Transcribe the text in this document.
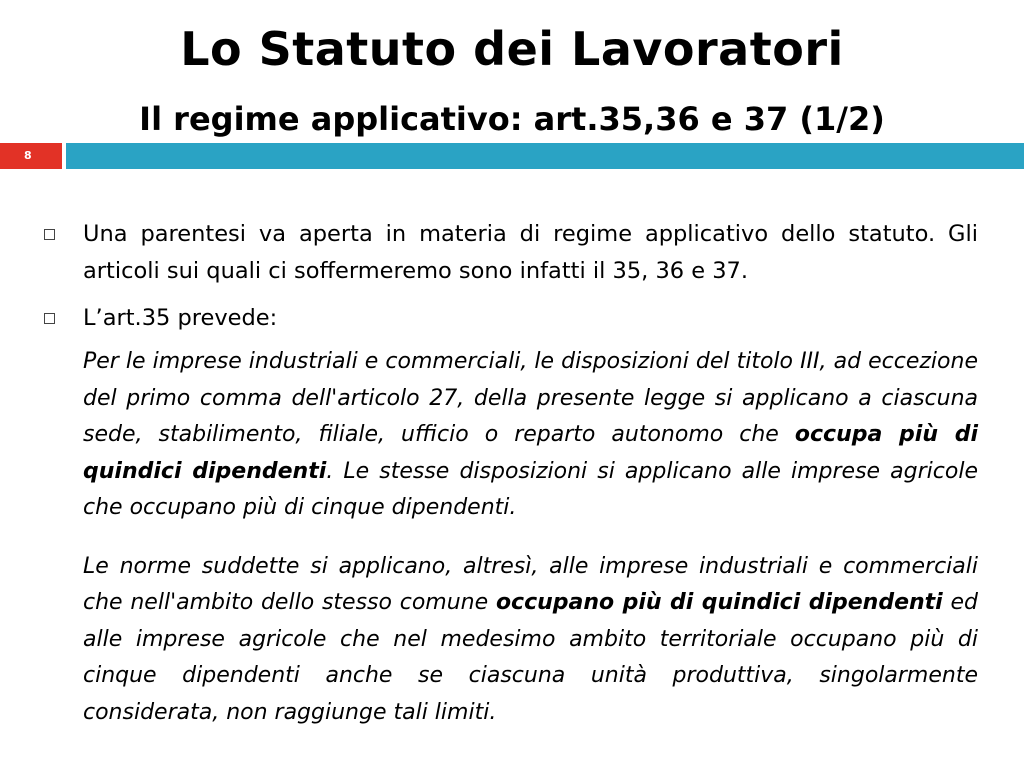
Lo Statuto dei Lavoratori
Il regime applicativo: art.35,36 e 37 (1/2)
8
Una parentesi va aperta in materia di regime applicativo dello statuto. Gli articoli sui quali ci soffermeremo sono infatti il 35, 36 e 37.
L’art.35 prevede:

Per le imprese industriali e commerciali, le disposizioni del titolo III, ad eccezione del primo comma dell'articolo 27, della presente legge si applicano a ciascuna sede, stabilimento, filiale, ufficio o reparto autonomo che occupa più di quindici dipendenti. Le stesse disposizioni si applicano alle imprese agricole che occupano più di cinque dipendenti.

Le norme suddette si applicano, altresì, alle imprese industriali e commerciali che nell'ambito dello stesso comune occupano più di quindici dipendenti ed alle imprese agricole che nel medesimo ambito territoriale occupano più di cinque dipendenti anche se ciascuna unità produttiva, singolarmente considerata, non raggiunge tali limiti.
